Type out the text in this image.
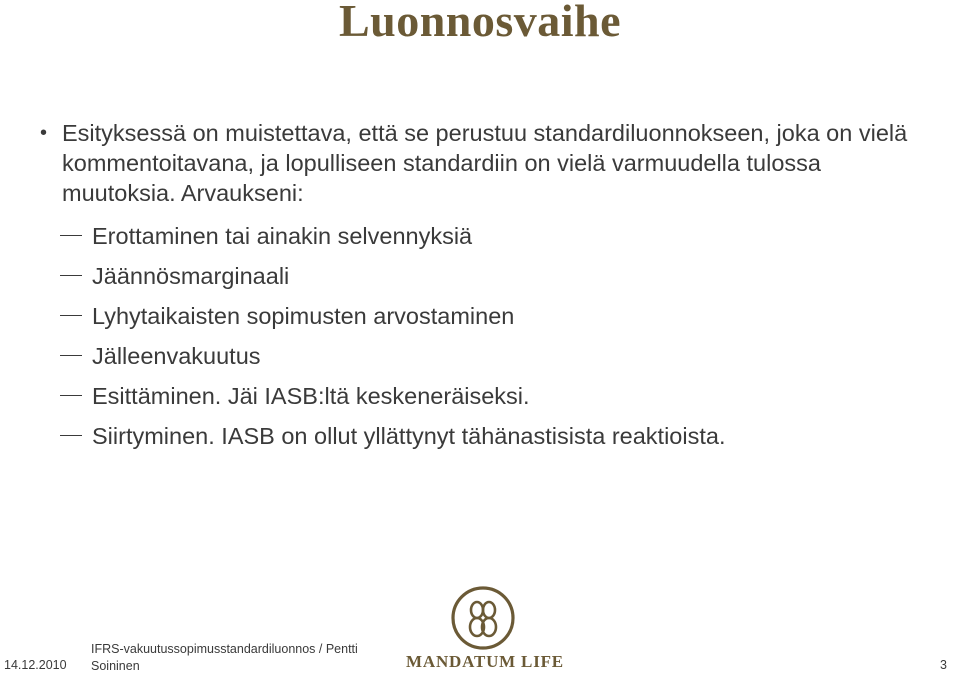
Luonnosvaihe
• Esityksessä on muistettava, että se perustuu standardiluonnokseen, joka on vielä kommentoitavana, ja lopulliseen standardiin on vielä varmuudella tulossa muutoksia. Arvaukseni:
Erottaminen tai ainakin selvennyksiä
Jäännösmarginaali
Lyhytaikaisten sopimusten arvostaminen
Jälleenvakuutus
Esittäminen. Jäi IASB:ltä keskeneräiseksi.
Siirtyminen. IASB on ollut yllättynyt tähänastisista reaktioista.
MANDATUM LIFE
14.12.2010
IFRS-vakuutussopimusstandardiluonnos / Pentti Soininen	3
